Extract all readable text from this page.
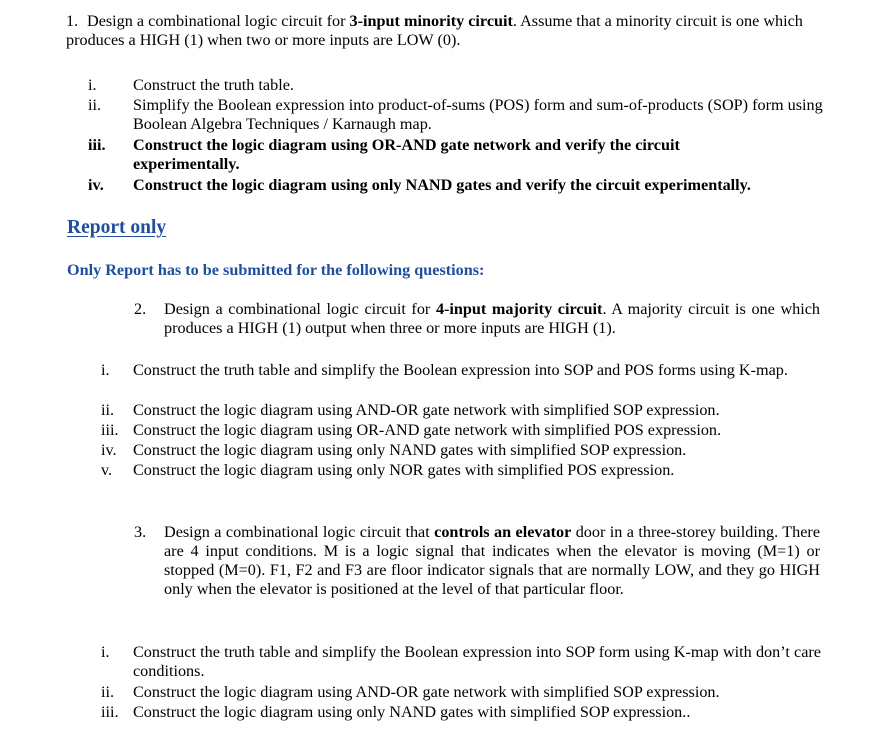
1. Design a combinational logic circuit for 3-input minority circuit. Assume that a minority circuit is one which produces a HIGH (1) when two or more inputs are LOW (0).
i.	Construct the truth table.
ii.	Simplify the Boolean expression into product-of-sums (POS) form and sum-of-products (SOP) form using Boolean Algebra Techniques / Karnaugh map.
iii.	Construct the logic diagram using OR-AND gate network and verify the circuit experimentally.
iv.	Construct the logic diagram using only NAND gates and verify the circuit experimentally.
Report only
Only Report has to be submitted for the following questions:
2.	Design a combinational logic circuit for 4-input majority circuit. A majority circuit is one which produces a HIGH (1) output when three or more inputs are HIGH (1).
i.	Construct the truth table and simplify the Boolean expression into SOP and POS forms using K-map.
ii.	Construct the logic diagram using AND-OR gate network with simplified SOP expression.
iii. Construct the logic diagram using OR-AND gate network with simplified POS expression.
iv.	Construct the logic diagram using only NAND gates with simplified SOP expression.
v.	Construct the logic diagram using only NOR gates with simplified POS expression.
3.	Design a combinational logic circuit that controls an elevator door in a three-storey building. There are 4 input conditions. M is a logic signal that indicates when the elevator is moving (M=1) or stopped (M=0). F1, F2 and F3 are floor indicator signals that are normally LOW, and they go HIGH only when the elevator is positioned at the level of that particular floor.
i.	Construct the truth table and simplify the Boolean expression into SOP form using K-map with don’t care conditions.
ii.	Construct the logic diagram using AND-OR gate network with simplified SOP expression.
iii. Construct the logic diagram using only NAND gates with simplified SOP expression..
